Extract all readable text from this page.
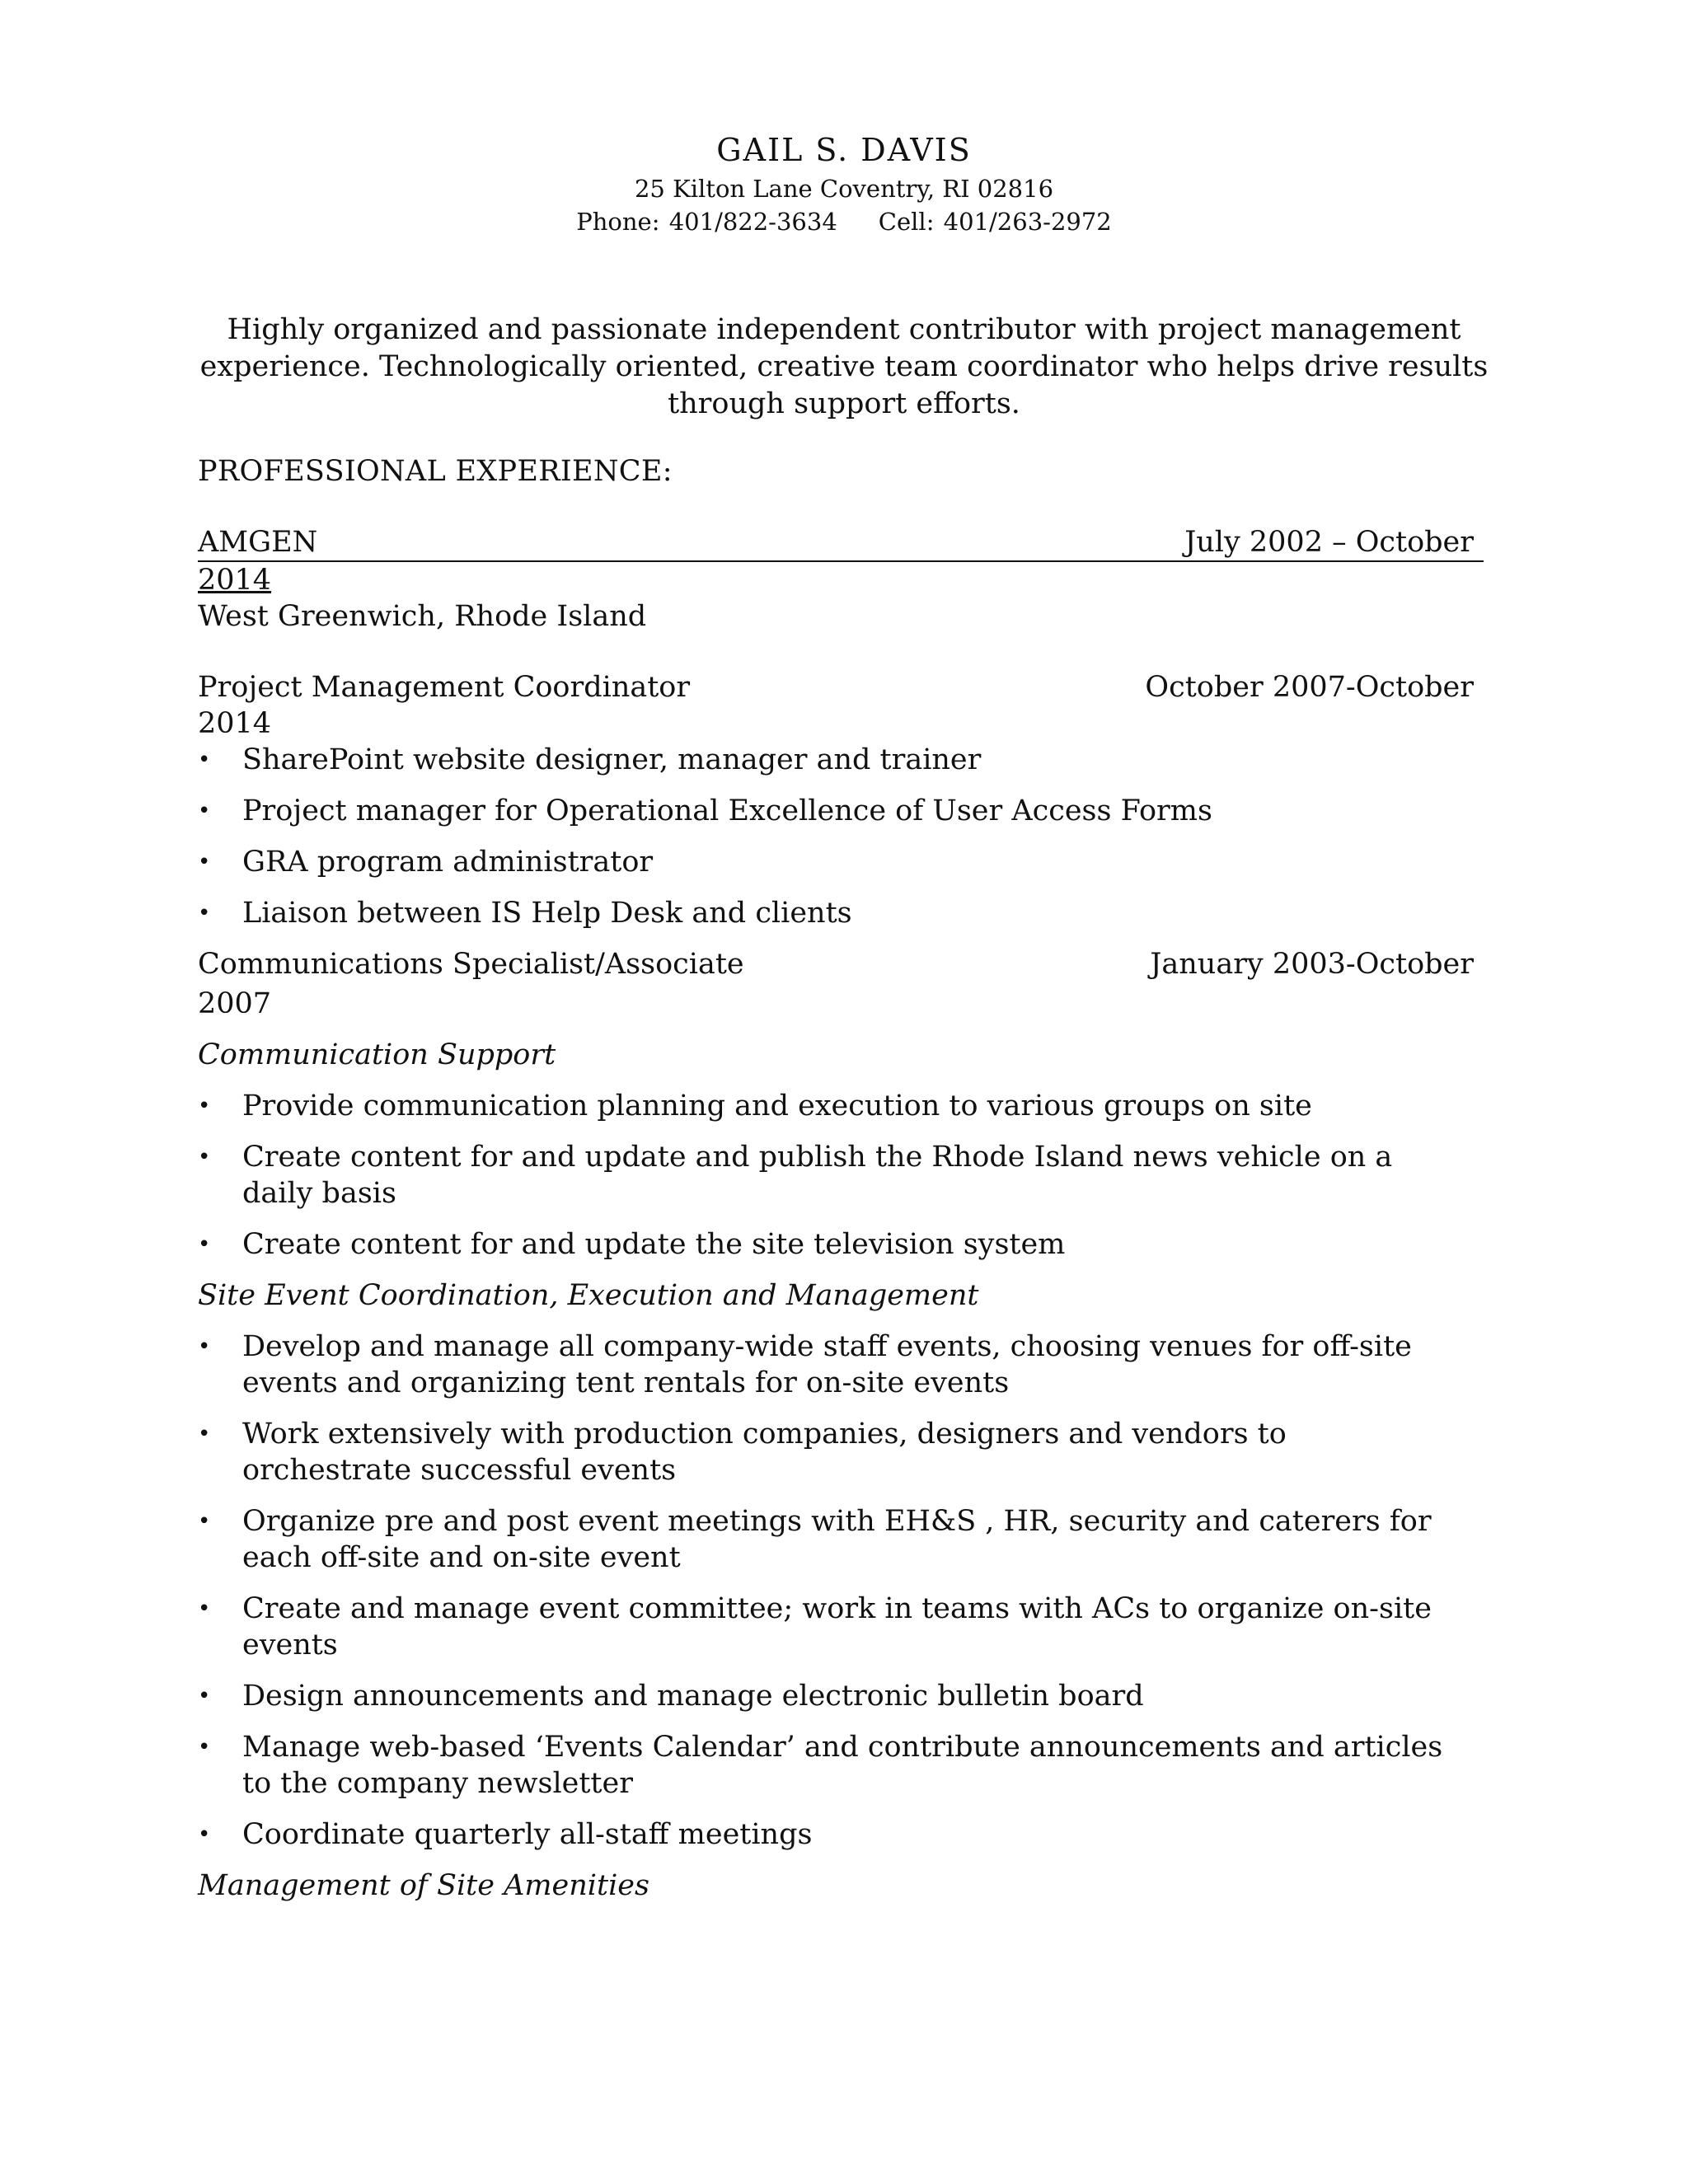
GAIL S. DAVIS
25 Kilton Lane Coventry, RI 02816
Phone: 401/822-3634 Cell: 401/263-2972
Highly organized and passionate independent contributor with project management experience. Technologically oriented, creative team coordinator who helps drive results through support efforts.
PROFESSIONAL EXPERIENCE:
AMGEN	July 2002 – October
2014
West Greenwich, Rhode Island
Project Management Coordinator	October 2007-October
2014
• SharePoint website designer, manager and trainer
• Project manager for Operational Excellence of User Access Forms
• GRA program administrator
• Liaison between IS Help Desk and clients
Communications Specialist/Associate	January 2003-October
2007
Communication Support
• Provide communication planning and execution to various groups on site
• Create content for and update and publish the Rhode Island news vehicle on a daily basis
• Create content for and update the site television system
Site Event Coordination, Execution and Management
• Develop and manage all company-wide staff events, choosing venues for off-site events and organizing tent rentals for on-site events
• Work extensively with production companies, designers and vendors to orchestrate successful events
• Organize pre and post event meetings with EH&S , HR, security and caterers for each off-site and on-site event
• Create and manage event committee; work in teams with ACs to organize on-site events
• Design announcements and manage electronic bulletin board
• Manage web-based ‘Events Calendar’ and contribute announcements and articles to the company newsletter
• Coordinate quarterly all-staff meetings
Management of Site Amenities
